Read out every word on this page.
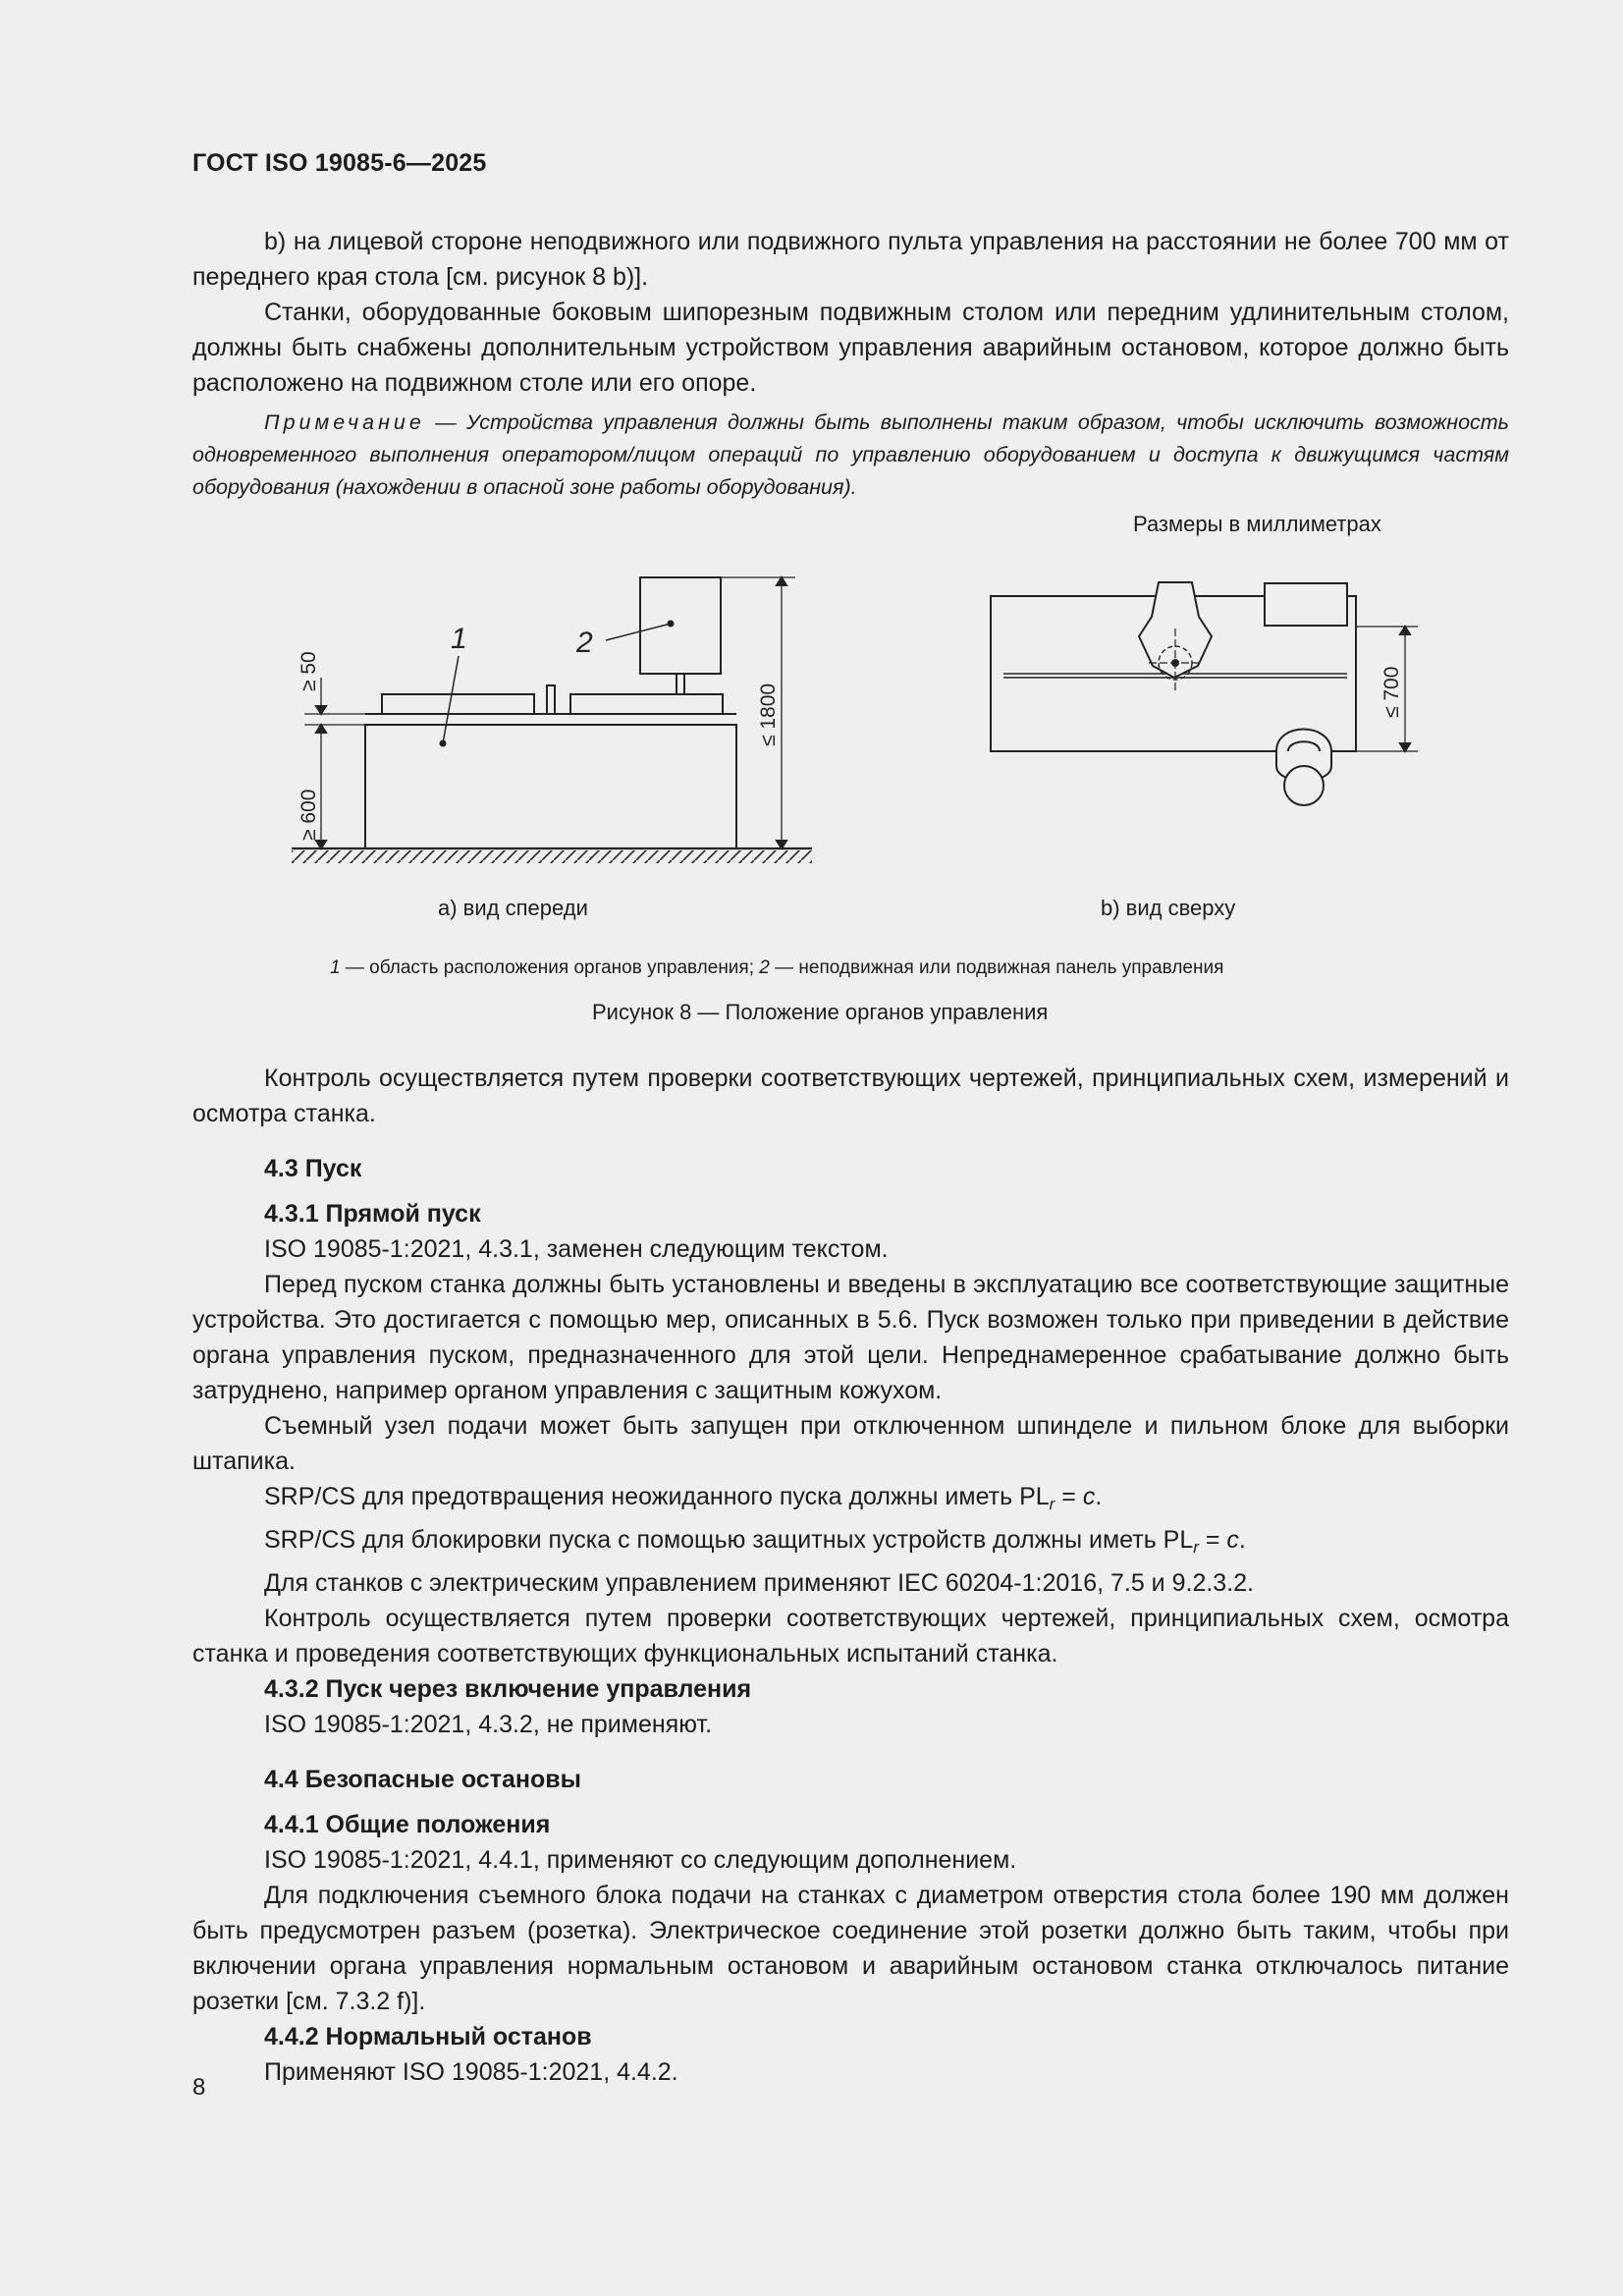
ГОСТ ISO 19085-6—2025

b) на лицевой стороне неподвижного или подвижного пульта управления на расстоянии не более 700 мм от переднего края стола [см. рисунок 8 b)].

Станки, оборудованные боковым шипорезным подвижным столом или передним удлинительным столом, должны быть снабжены дополнительным устройством управления аварийным остановом, которое должно быть расположено на подвижном столе или его опоре.

Примечание — Устройства управления должны быть выполнены таким образом, чтобы исключить возможность одновременного выполнения оператором/лицом операций по управлению оборудованием и доступа к движущимся частям оборудования (нахождении в опасной зоне работы оборудования).

Размеры в миллиметрах
1	2
≥ 50
≥ 600
≤ 1800	≤ 700
a) вид спереди	b) вид сверху
1 — область расположения органов управления; 2 — неподвижная или подвижная панель управления
Рисунок 8 — Положение органов управления

Контроль осуществляется путем проверки соответствующих чертежей, принципиальных схем, измерений и осмотра станка.

4.3 Пуск

4.3.1 Прямой пуск

ISO 19085-1:2021, 4.3.1, заменен следующим текстом.

Перед пуском станка должны быть установлены и введены в эксплуатацию все соответствующие защитные устройства. Это достигается с помощью мер, описанных в 5.6. Пуск возможен только при приведении в действие органа управления пуском, предназначенного для этой цели. Непреднамеренное срабатывание должно быть затруднено, например органом управления с защитным кожухом.

Съемный узел подачи может быть запущен при отключенном шпинделе и пильном блоке для выборки штапика.

SRP/CS для предотвращения неожиданного пуска должны иметь $PL_r = c$.

SRP/CS для блокировки пуска с помощью защитных устройств должны иметь $PL_r = c$.

Для станков с электрическим управлением применяют IEC 60204-1:2016, 7.5 и 9.2.3.2.

Контроль осуществляется путем проверки соответствующих чертежей, принципиальных схем, осмотра станка и проведения соответствующих функциональных испытаний станка.

4.3.2 Пуск через включение управления

ISO 19085-1:2021, 4.3.2, не применяют.

4.4 Безопасные остановы

4.4.1 Общие положения

ISO 19085-1:2021, 4.4.1, применяют со следующим дополнением.

Для подключения съемного блока подачи на станках с диаметром отверстия стола более 190 мм должен быть предусмотрен разъем (розетка). Электрическое соединение этой розетки должно быть таким, чтобы при включении органа управления нормальным остановом и аварийным остановом станка отключалось питание розетки [см. 7.3.2 f)].

4.4.2 Нормальный останов

Применяют ISO 19085-1:2021, 4.4.2.

8
